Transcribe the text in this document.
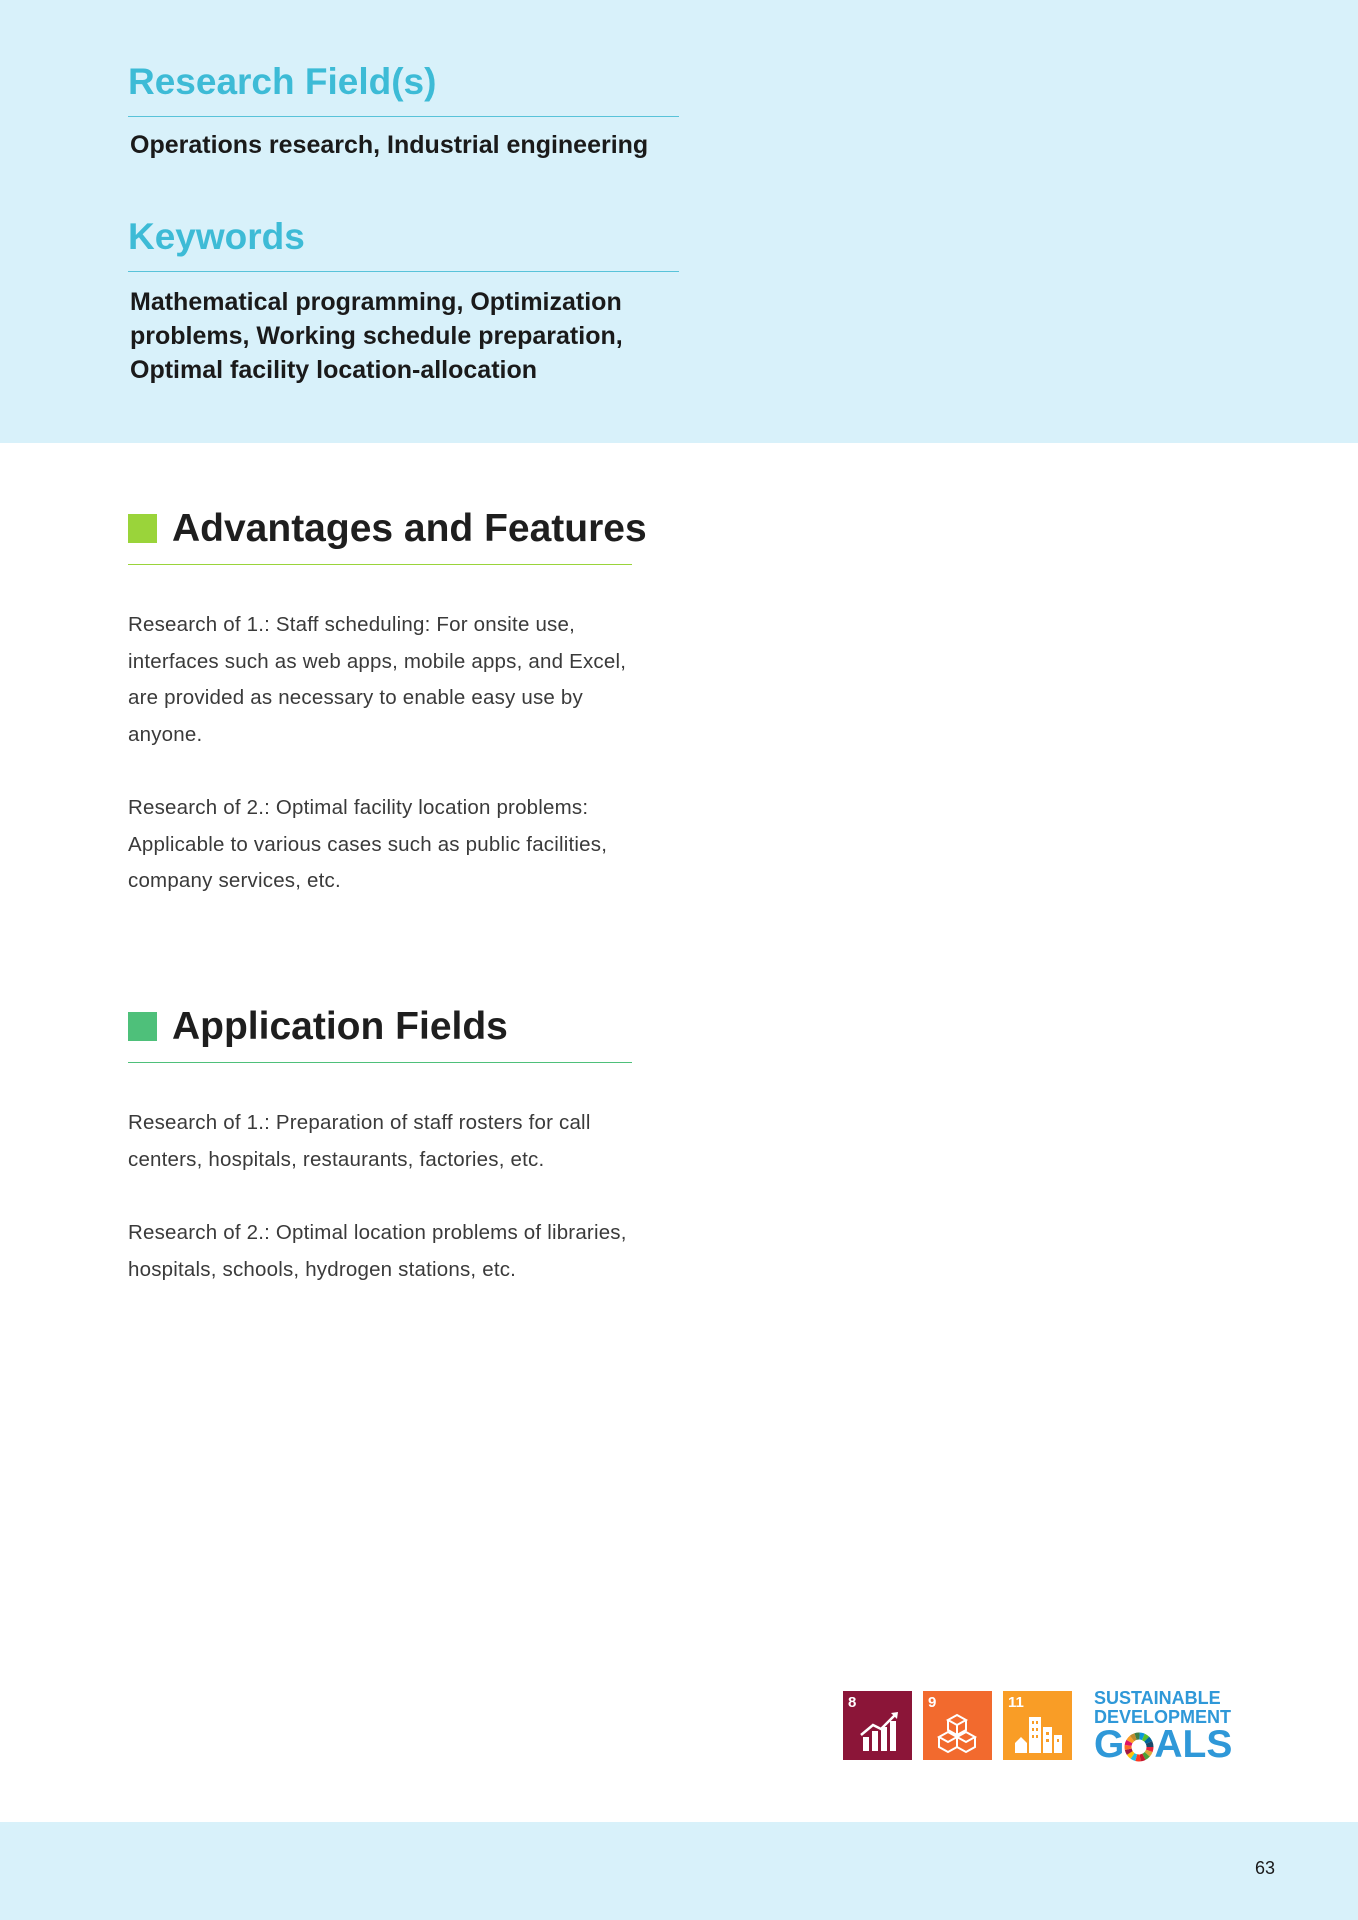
Research Field(s)

Operations research, Industrial engineering

Keywords
Mathematical programming, Optimization
problems, Working schedule preparation,
Optimal facility location-allocation
Advantages and Features

Research of 1.: Staff scheduling: For onsite use,
interfaces such as web apps, mobile apps, and Excel,
are provided as necessary to enable easy use by
anyone.

Research of 2.: Optimal facility location problems:
Applicable to various cases such as public facilities,
company services, etc.

Application Fields

Research of 1.: Preparation of staff rosters for call
centers, hospitals, restaurants, factories, etc.

Research of 2.: Optimal location problems of libraries,
hospitals, schools, hydrogen stations, etc.

8	9	11	SUSTAINABLE
DEVELOPMENT
G ALS
63
